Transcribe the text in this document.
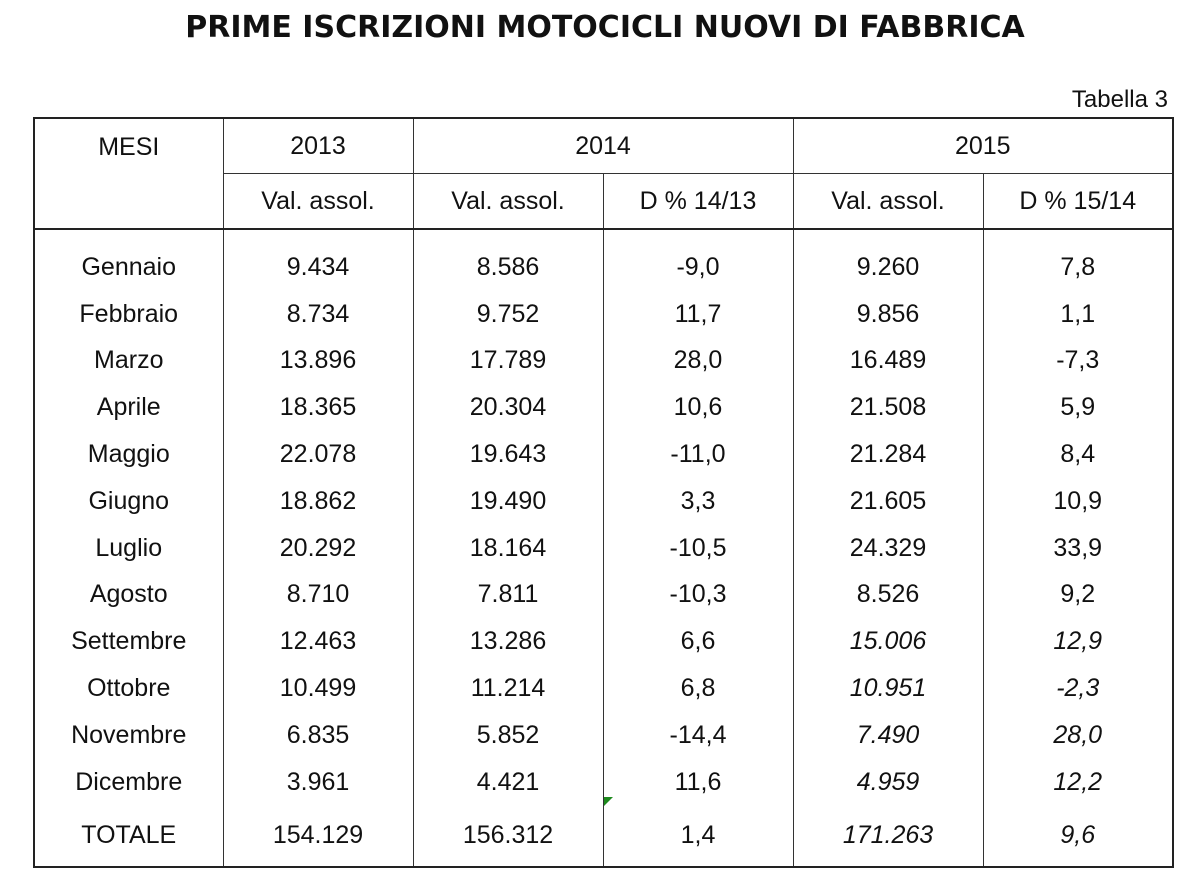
PRIME ISCRIZIONI MOTOCICLI NUOVI DI FABBRICA
Tabella 3
MESI	2013	2014		2015	
	Val. assol.	Val. assol.	D % 14/13	Val. assol.	D % 15/14

Gennaio	9.434	8.586	-9,0	9.260	7,8
Febbraio	8.734	9.752	11,7	9.856	1,1
Marzo	13.896	17.789	28,0	16.489	-7,3
Aprile	18.365	20.304	10,6	21.508	5,9
Maggio	22.078	19.643	-11,0	21.284	8,4
Giugno	18.862	19.490	3,3	21.605	10,9
Luglio	20.292	18.164	-10,5	24.329	33,9
Agosto	8.710	7.811	-10,3	8.526	9,2
Settembre	12.463	13.286	6,6	15.006	12,9
Ottobre	10.499	11.214	6,8	10.951	-2,3
Novembre	6.835	5.852	-14,4	7.490	28,0
Dicembre	3.961	4.421	11,6	4.959	12,2
TOTALE	154.129	156.312	1,4	171.263	9,6
